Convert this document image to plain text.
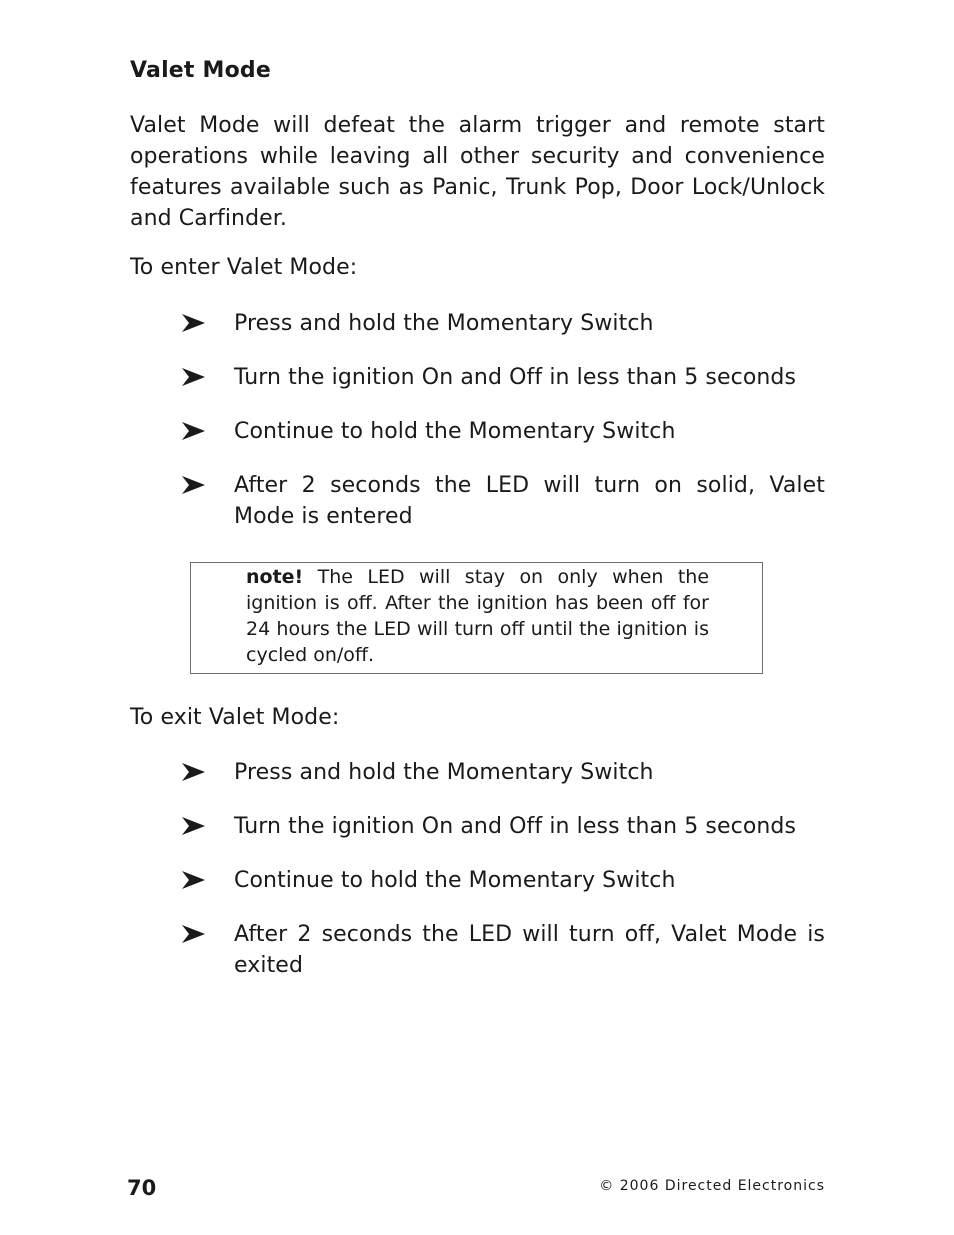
Valet Mode

Valet Mode will defeat the alarm trigger and remote start operations while leaving all other security and convenience features available such as Panic, Trunk Pop, Door Lock/Unlock and Carfinder.

To enter Valet Mode:
Press and hold the Momentary Switch
Turn the ignition On and Off in less than 5 seconds
Continue to hold the Momentary Switch
After 2 seconds the LED will turn on solid, Valet Mode is entered
note! The LED will stay on only when the ignition is off. After the ignition has been off for 24 hours the LED will turn off until the ignition is cycled on/off.
To exit Valet Mode:
Press and hold the Momentary Switch
Turn the ignition On and Off in less than 5 seconds
Continue to hold the Momentary Switch
After 2 seconds the LED will turn off, Valet Mode is exited
70	© 2006 Directed Electronics
